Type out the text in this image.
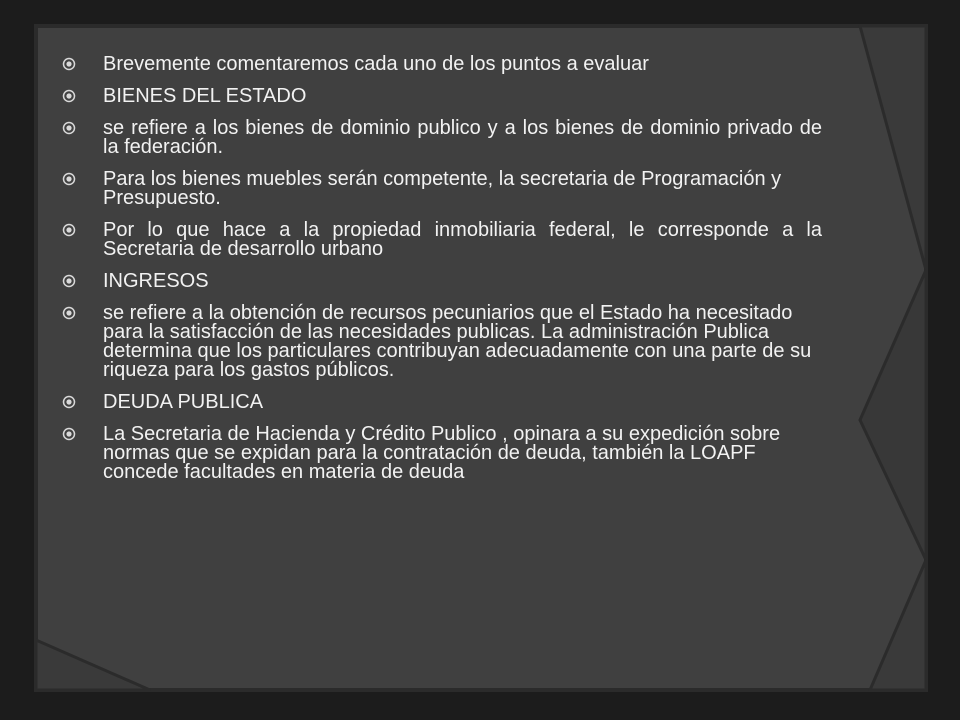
Brevemente comentaremos cada uno de los puntos a evaluar
BIENES DEL ESTADO
se refiere a los bienes de dominio publico y a los bienes de dominio privado de la federación.
Para los bienes muebles serán competente, la secretaria de Programación y Presupuesto.
Por lo que hace a la propiedad inmobiliaria federal, le corresponde a la Secretaria de desarrollo urbano
INGRESOS
se refiere a la obtención de recursos pecuniarios que el Estado ha necesitado para la satisfacción de las necesidades publicas. La administración Publica determina que los particulares contribuyan adecuadamente con una parte de su riqueza para los gastos públicos.
DEUDA PUBLICA
La Secretaria de Hacienda y Crédito Publico , opinara a su expedición sobre normas que se expidan para la contratación de deuda, también la LOAPF concede facultades en materia de deuda
